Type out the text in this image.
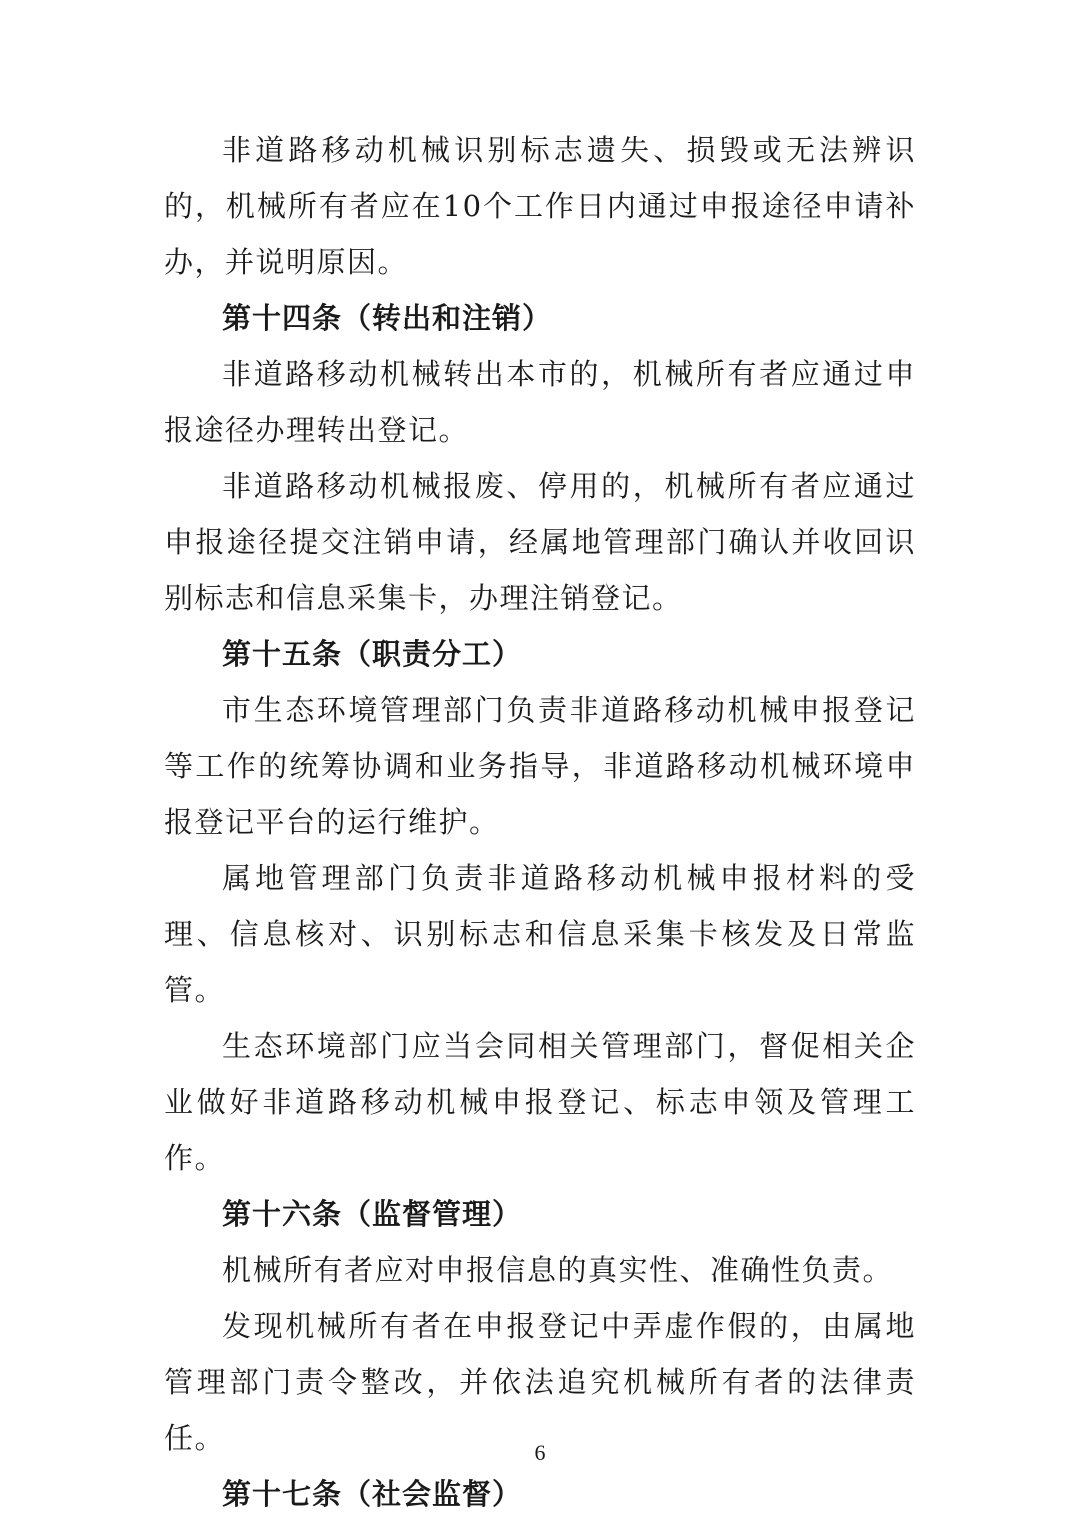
非道路移动机械识别标志遗失、损毁或无法辨识的，机械所有者应在10个工作日内通过申报途径申请补办，并说明原因。

第十四条（转出和注销）

非道路移动机械转出本市的，机械所有者应通过申报途径办理转出登记。

非道路移动机械报废、停用的，机械所有者应通过申报途径提交注销申请，经属地管理部门确认并收回识别标志和信息采集卡，办理注销登记。

第十五条（职责分工）

市生态环境管理部门负责非道路移动机械申报登记等工作的统筹协调和业务指导，非道路移动机械环境申报登记平台的运行维护。

属地管理部门负责非道路移动机械申报材料的受理、信息核对、识别标志和信息采集卡核发及日常监管。

生态环境部门应当会同相关管理部门，督促相关企业做好非道路移动机械申报登记、标志申领及管理工作。

第十六条（监督管理）

机械所有者应对申报信息的真实性、准确性负责。

发现机械所有者在申报登记中弄虚作假的，由属地管理部门责令整改，并依法追究机械所有者的法律责任。

第十七条（社会监督）

6
